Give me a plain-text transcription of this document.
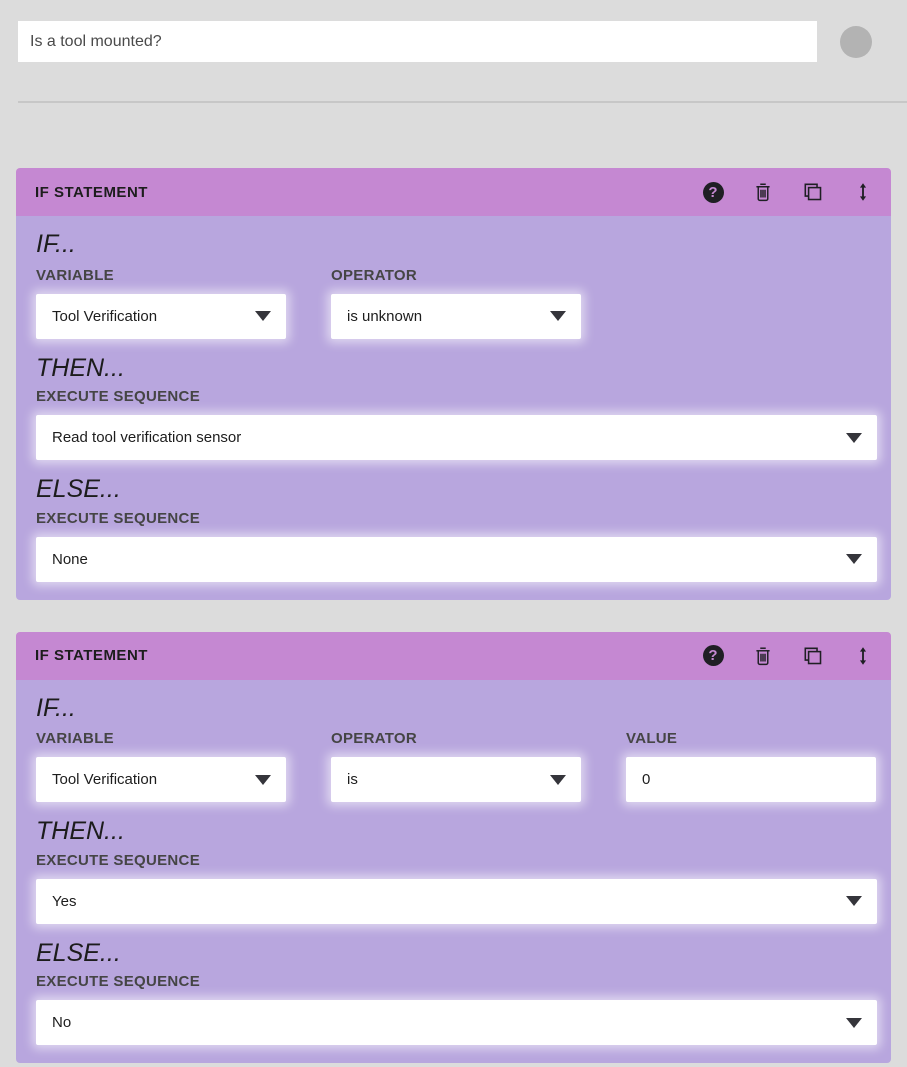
Is a tool mounted?
IF STATEMENT	?
IF...
VARIABLE
Tool Verification
OPERATOR
is unknown
THEN...
EXECUTE SEQUENCE
Read tool verification sensor
ELSE...
EXECUTE SEQUENCE
None
IF STATEMENT	?
IF...
VARIABLE
Tool Verification
OPERATOR
is
VALUE
0
THEN...
EXECUTE SEQUENCE
Yes
ELSE...
EXECUTE SEQUENCE
No
